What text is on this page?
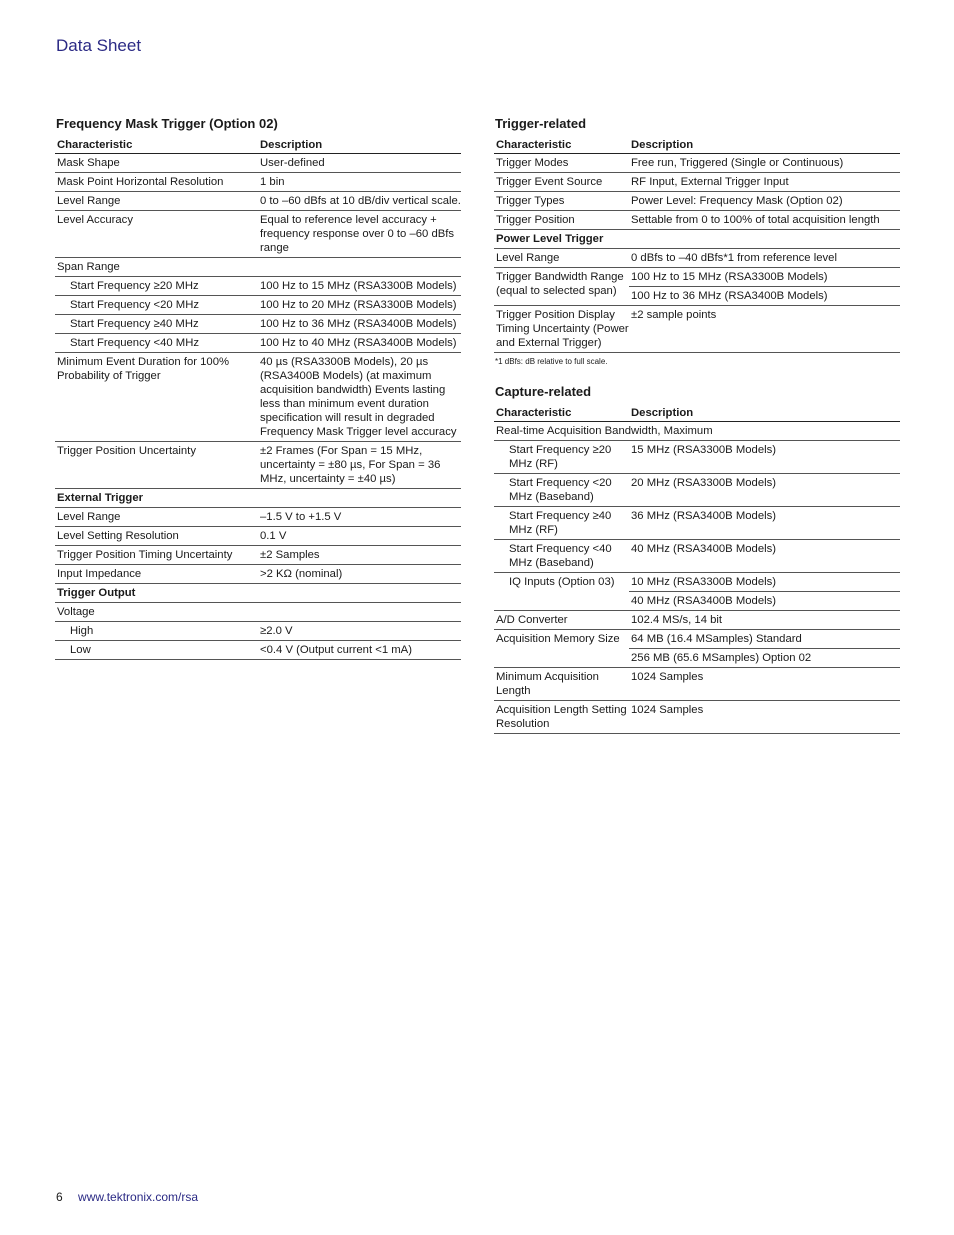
Data Sheet
Frequency Mask Trigger (Option 02)
Characteristic	Description
Mask Shape	User-defined
Mask Point Horizontal Resolution	1 bin
Level Range	0 to –60 dBfs at 10 dB/div vertical scale.
Level Accuracy	Equal to reference level accuracy + frequency response over 0 to –60 dBfs range
Span Range	
Start Frequency ≥20 MHz	100 Hz to 15 MHz (RSA3300B Models)
Start Frequency <20 MHz	100 Hz to 20 MHz (RSA3300B Models)
Start Frequency ≥40 MHz	100 Hz to 36 MHz (RSA3400B Models)
Start Frequency <40 MHz	100 Hz to 40 MHz (RSA3400B Models)
Minimum Event Duration for 100% Probability of Trigger	40 µs (RSA3300B Models), 20 µs (RSA3400B Models) (at maximum acquisition bandwidth) Events lasting less than minimum event duration specification will result in degraded Frequency Mask Trigger level accuracy
Trigger Position Uncertainty	±2 Frames (For Span = 15 MHz, uncertainty = ±80 µs, For Span = 36 MHz, uncertainty = ±40 µs)
External Trigger	
Level Range	–1.5 V to +1.5 V
Level Setting Resolution	0.1 V
Trigger Position Timing Uncertainty	±2 Samples
Input Impedance	>2 KΩ (nominal)
Trigger Output	
Voltage	
High	≥2.0 V
Low	<0.4 V (Output current <1 mA)
Trigger-related
Characteristic	Description
Trigger Modes	Free run, Triggered (Single or Continuous)
Trigger Event Source	RF Input, External Trigger Input
Trigger Types	Power Level: Frequency Mask (Option 02)
Trigger Position	Settable from 0 to 100% of total acquisition length
Power Level Trigger	
Level Range	0 dBfs to –40 dBfs*1 from reference level
Trigger Bandwidth Range (equal to selected span)	100 Hz to 15 MHz (RSA3300B Models)
	100 Hz to 36 MHz (RSA3400B Models)
Trigger Position Display Timing Uncertainty (Power and External Trigger)	±2 sample points
*1 dBfs: dB relative to full scale.
Capture-related
Characteristic	Description
Real-time Acquisition Bandwidth, Maximum	
Start Frequency ≥20 MHz (RF)	15 MHz (RSA3300B Models)
Start Frequency <20 MHz (Baseband)	20 MHz (RSA3300B Models)
Start Frequency ≥40 MHz (RF)	36 MHz (RSA3400B Models)
Start Frequency <40 MHz (Baseband)	40 MHz (RSA3400B Models)
IQ Inputs (Option 03)	10 MHz (RSA3300B Models)
	40 MHz (RSA3400B Models)
A/D Converter	102.4 MS/s, 14 bit
Acquisition Memory Size	64 MB (16.4 MSamples) Standard
	256 MB (65.6 MSamples) Option 02
Minimum Acquisition Length	1024 Samples
Acquisition Length Setting Resolution	1024 Samples
6 www.tektronix.com/rsa
